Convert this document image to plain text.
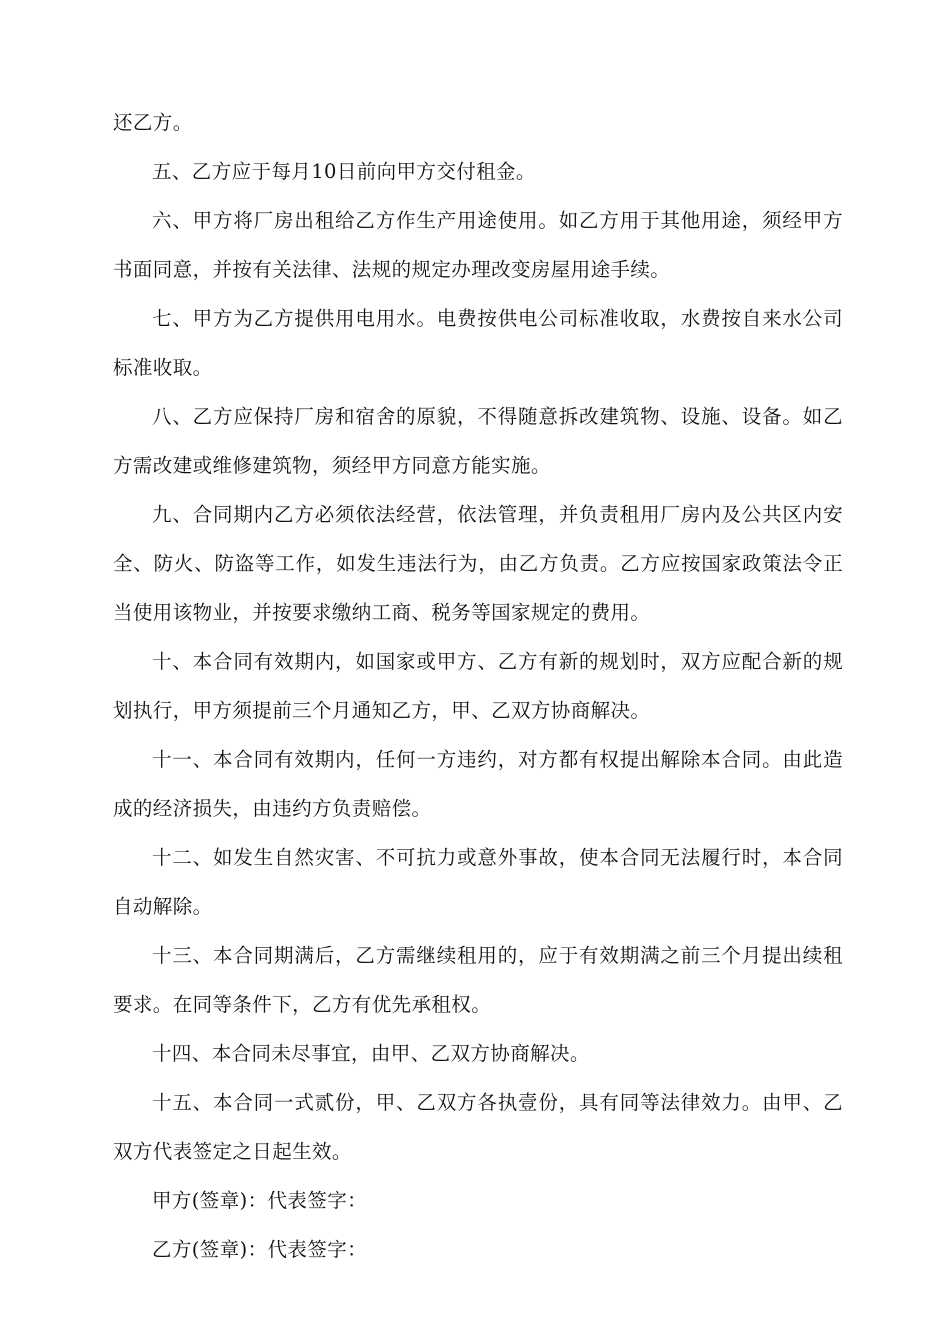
还乙方。

五、乙方应于每月10日前向甲方交付租金。

六、甲方将厂房出租给乙方作生产用途使用。如乙方用于其他用途，须经甲方书面同意，并按有关法律、法规的规定办理改变房屋用途手续。

七、甲方为乙方提供用电用水。电费按供电公司标准收取，水费按自来水公司标准收取。

八、乙方应保持厂房和宿舍的原貌，不得随意拆改建筑物、设施、设备。如乙方需改建或维修建筑物，须经甲方同意方能实施。

九、合同期内乙方必须依法经营，依法管理，并负责租用厂房内及公共区内安全、防火、防盗等工作，如发生违法行为，由乙方负责。乙方应按国家政策法令正当使用该物业，并按要求缴纳工商、税务等国家规定的费用。

十、本合同有效期内，如国家或甲方、乙方有新的规划时，双方应配合新的规划执行，甲方须提前三个月通知乙方，甲、乙双方协商解决。

十一、本合同有效期内，任何一方违约，对方都有权提出解除本合同。由此造成的经济损失，由违约方负责赔偿。

十二、如发生自然灾害、不可抗力或意外事故，使本合同无法履行时，本合同自动解除。

十三、本合同期满后，乙方需继续租用的，应于有效期满之前三个月提出续租要求。在同等条件下，乙方有优先承租权。

十四、本合同未尽事宜，由甲、乙双方协商解决。

十五、本合同一式贰份，甲、乙双方各执壹份，具有同等法律效力。由甲、乙双方代表签定之日起生效。

甲方(签章)：代表签字：

乙方(签章)：代表签字：
